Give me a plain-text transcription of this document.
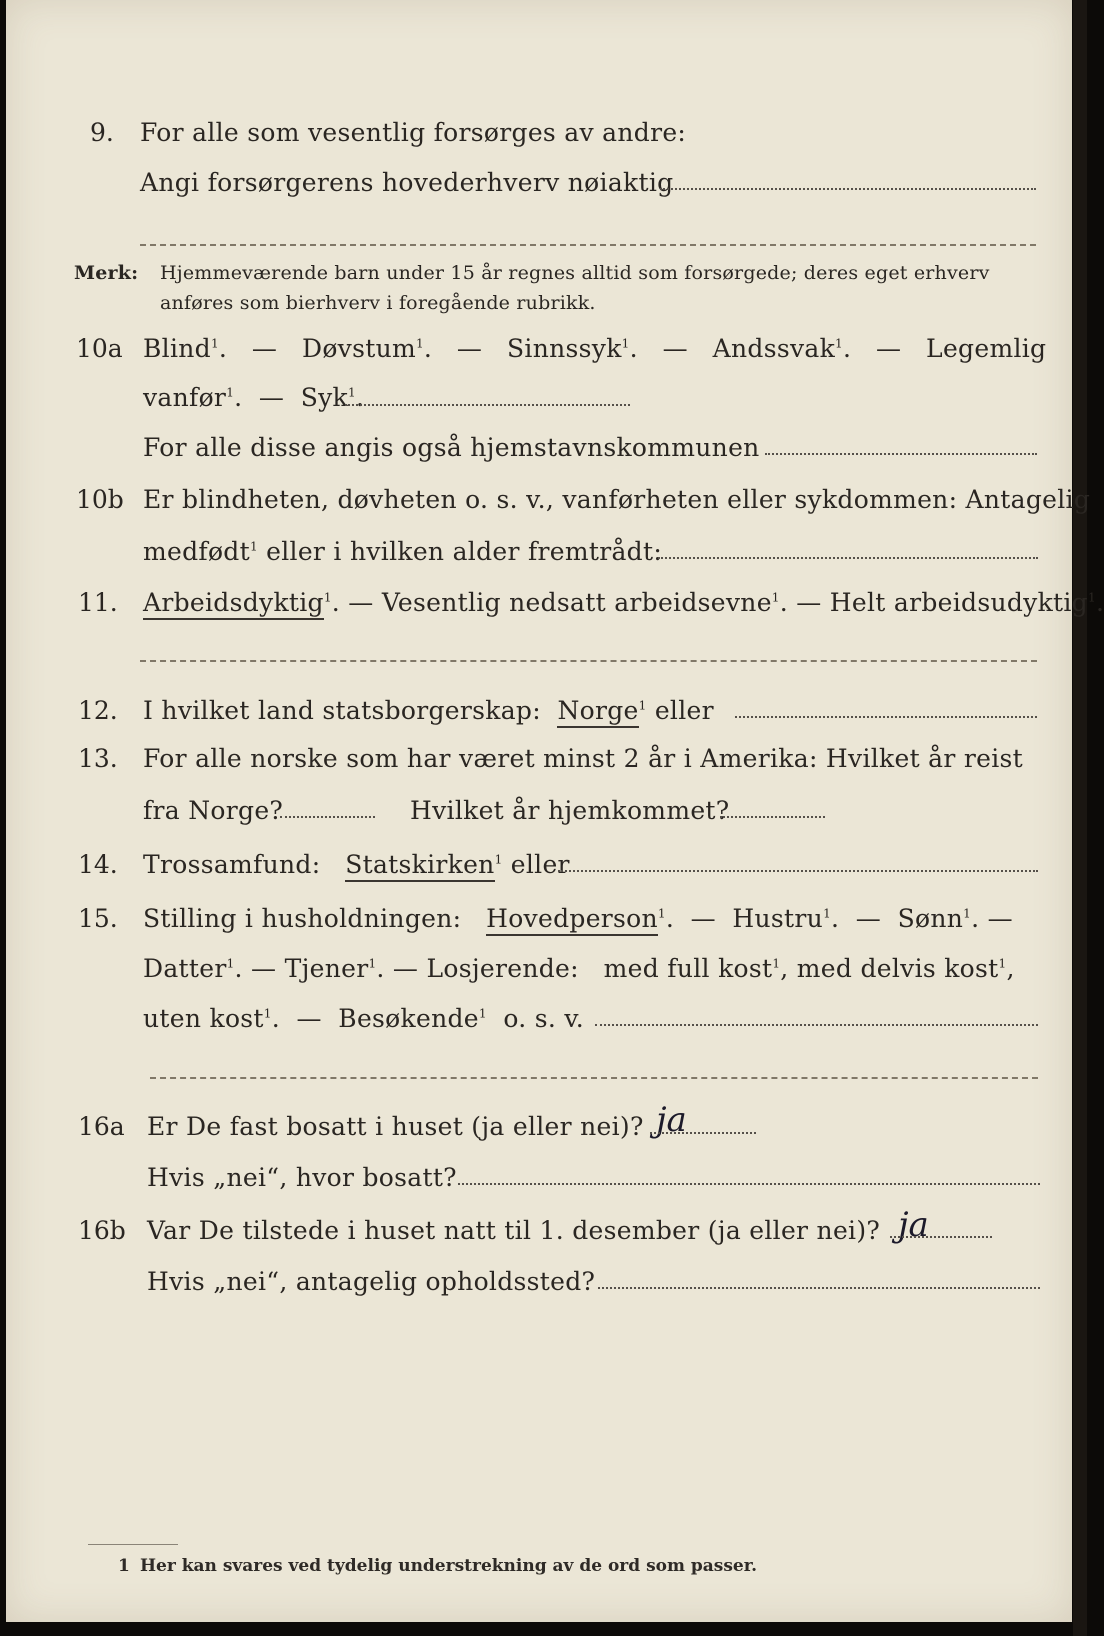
9. For alle som vesentlig forsørges av andre:
Angi forsørgerens hovederhverv nøiaktig
Merk: Hjemmeværende barn under 15 år regnes alltid som forsørgede; deres eget erhverv
anføres som bierhverv i foregående rubrikk.
10a Blind$^1$.   — Døvstum$^1$.   — Sinnssyk$^1$.   — Andssvak$^1$.   — Legemlig
vanfør$^1$.  — Syk$^1$.
For alle disse angis også hjemstavnskommunen
10b Er blindheten, døvheten o. s. v., vanførheten eller sykdommen: Antagelig
medfødt$^1$ eller i hvilken alder fremtrådt:
11. Arbeidsdyktig$^1$. — Vesentlig nedsatt arbeidsevne$^1$. — Helt arbeidsudyktig$^1$.
12. I hvilket land statsborgerskap: Norge$^1$ eller
13. For alle norske som har været minst 2 år i Amerika: Hvilket år reist
fra Norge?	Hvilket år hjemkommet?
14. Trossamfund: Statskirken$^1$ eller
15. Stilling i husholdningen: Hovedperson$^1$.  — Hustru$^1$.  — Sønn$^1$. —
Datter$^1$. — Tjener$^1$. — Losjerende: med full kost$^1$, med delvis kost$^1$,
uten kost$^1$.  — Besøkende$^1$ o. s. v.
16a Er De fast bosatt i huset (ja eller nei)? ja
Hvis „nei“, hvor bosatt?
16b Var De tilstede i huset natt til 1. desember (ja eller nei)? ja
Hvis „nei“, antagelig opholdssted?
1 Her kan svares ved tydelig understrekning av de ord som passer.
